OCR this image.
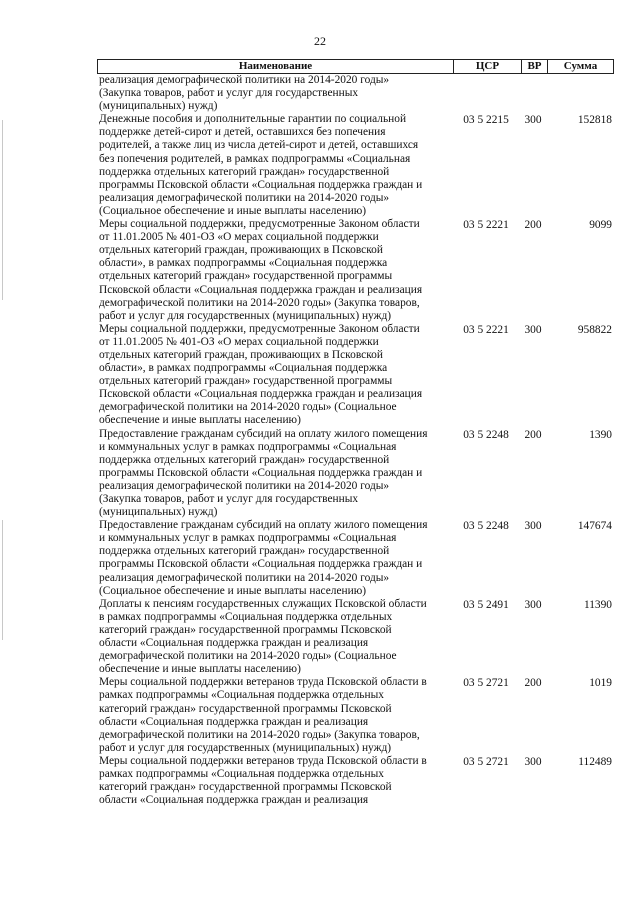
22
Наименование	ЦСР	ВР	Сумма
реализация демографической политики на 2014-2020 годы»
(Закупка товаров, работ и услуг для государственных
(муниципальных) нужд)
Денежные пособия и дополнительные гарантии по социальной
поддержке детей-сирот и детей, оставшихся без попечения
родителей, а также лиц из числа детей-сирот и детей, оставшихся
без попечения родителей, в рамках подпрограммы «Социальная
поддержка отдельных категорий граждан» государственной
программы Псковской области «Социальная поддержка граждан и
реализация демографической политики на 2014-2020 годы»
(Социальное обеспечение и иные выплаты населению)
03 5 2215	300	152818
Меры социальной поддержки, предусмотренные Законом области
от 11.01.2005 № 401-ОЗ «О мерах социальной поддержки
отдельных категорий граждан, проживающих в Псковской
области», в рамках подпрограммы «Социальная поддержка
отдельных категорий граждан» государственной программы
Псковской области «Социальная поддержка граждан и реализация
демографической политики на 2014-2020 годы» (Закупка товаров,
работ и услуг для государственных (муниципальных) нужд)
03 5 2221	200	9099
Меры социальной поддержки, предусмотренные Законом области
от 11.01.2005 № 401-ОЗ «О мерах социальной поддержки
отдельных категорий граждан, проживающих в Псковской
области», в рамках подпрограммы «Социальная поддержка
отдельных категорий граждан» государственной программы
Псковской области «Социальная поддержка граждан и реализация
демографической политики на 2014-2020 годы» (Социальное
обеспечение и иные выплаты населению)
03 5 2221	300	958822
Предоставление гражданам субсидий на оплату жилого помещения
и коммунальных услуг в рамках подпрограммы «Социальная
поддержка отдельных категорий граждан» государственной
программы Псковской области «Социальная поддержка граждан и
реализация демографической политики на 2014-2020 годы»
(Закупка товаров, работ и услуг для государственных
(муниципальных) нужд)
03 5 2248	200	1390
Предоставление гражданам субсидий на оплату жилого помещения
и коммунальных услуг в рамках подпрограммы «Социальная
поддержка отдельных категорий граждан» государственной
программы Псковской области «Социальная поддержка граждан и
реализация демографической политики на 2014-2020 годы»
(Социальное обеспечение и иные выплаты населению)
03 5 2248	300	147674
Доплаты к пенсиям государственных служащих Псковской области
в рамках подпрограммы «Социальная поддержка отдельных
категорий граждан» государственной программы Псковской
области «Социальная поддержка граждан и реализация
демографической политики на 2014-2020 годы» (Социальное
обеспечение и иные выплаты населению)
03 5 2491	300	11390
Меры социальной поддержки ветеранов труда Псковской области в
рамках подпрограммы «Социальная поддержка отдельных
категорий граждан» государственной программы Псковской
области «Социальная поддержка граждан и реализация
демографической политики на 2014-2020 годы» (Закупка товаров,
работ и услуг для государственных (муниципальных) нужд)
03 5 2721	200	1019
Меры социальной поддержки ветеранов труда Псковской области в
рамках подпрограммы «Социальная поддержка отдельных
категорий граждан» государственной программы Псковской
области «Социальная поддержка граждан и реализация
03 5 2721	300	112489
